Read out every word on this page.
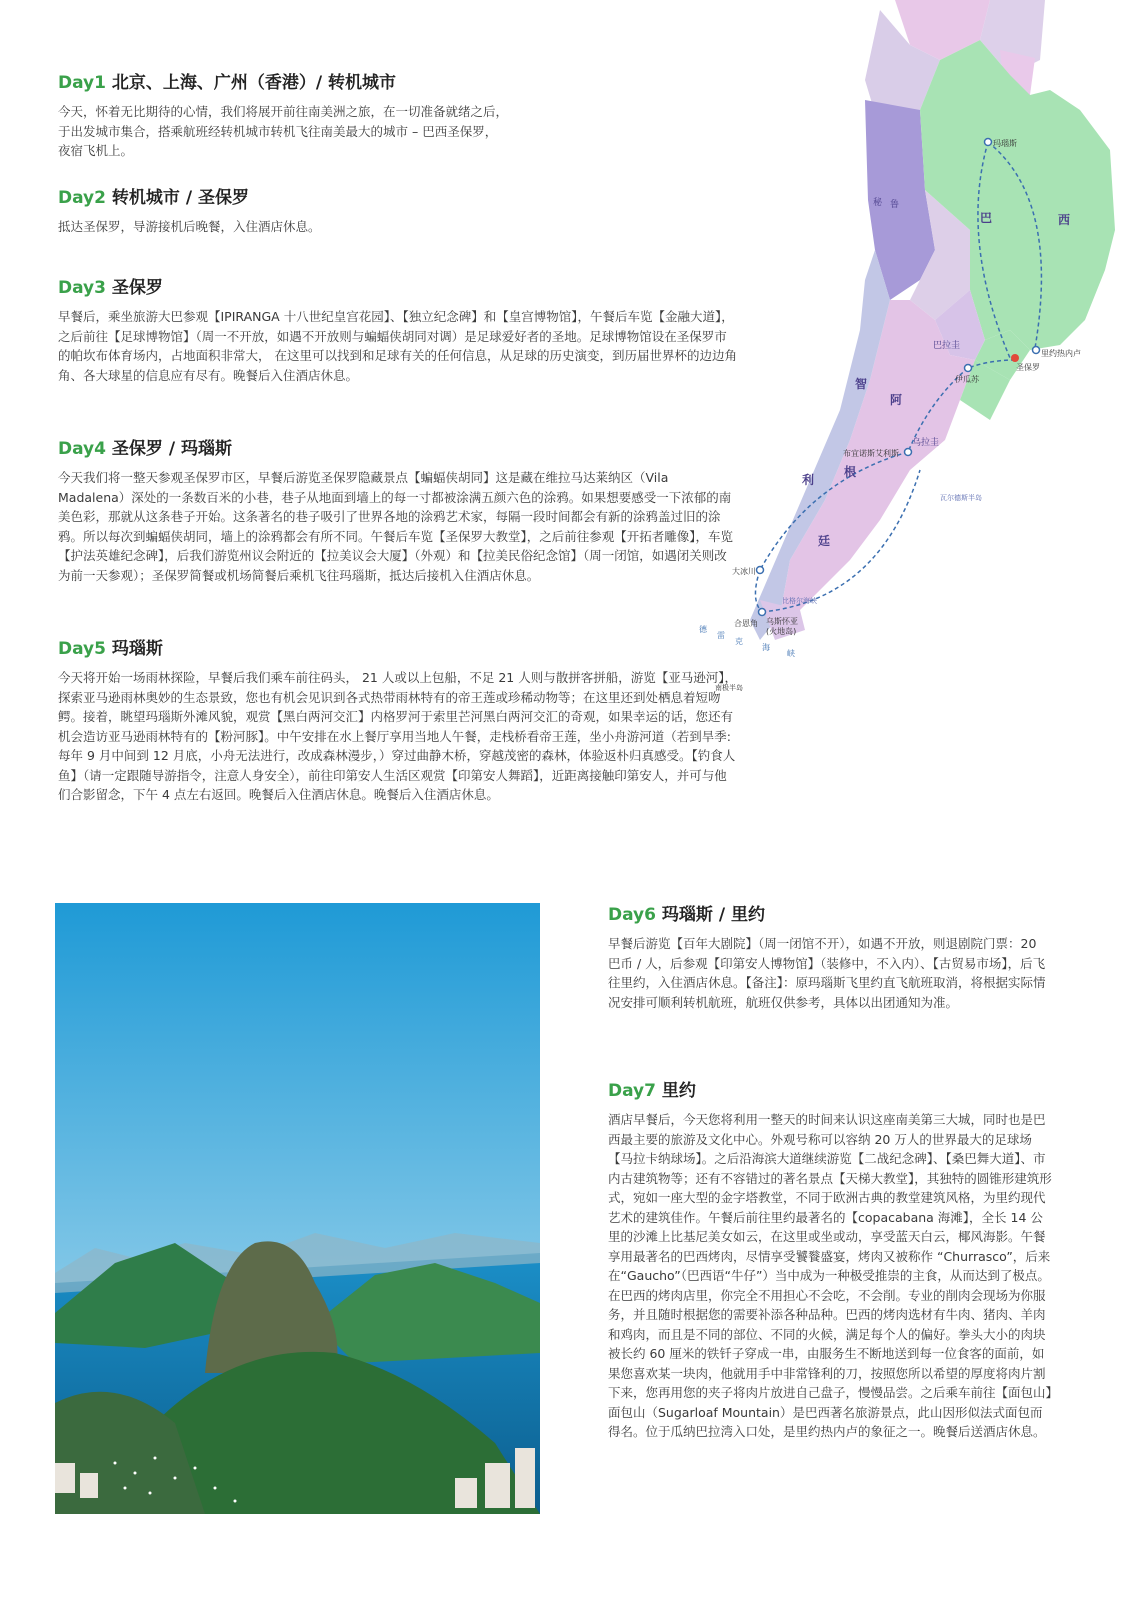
玛瑙斯
里约热内卢
圣保罗
伊瓜苏
布宜诺斯艾利斯
大冰川
乌斯怀亚
(火地岛)
合恩角
南极半岛
比格尔海峡
瓦尔德斯半岛
巴	西
阿
根
廷
智
利
秘 鲁
巴拉圭
乌拉圭
德
雷
克
海
峡
Day1 北京、上海、广州（香港）/ 转机城市

今天，怀着无比期待的心情，我们将展开前往南美洲之旅，在一切准备就绪之后，于出发城市集合，搭乘航班经转机城市转机飞往南美最大的城市 – 巴西圣保罗，夜宿飞机上。

Day2 转机城市 / 圣保罗

抵达圣保罗，导游接机后晚餐，入住酒店休息。

Day3 圣保罗

早餐后，乘坐旅游大巴参观【IPIRANGA 十八世纪皇宫花园】、【独立纪念碑】和【皇宫博物馆】，午餐后车览【金融大道】，之后前往【足球博物馆】（周一不开放，如遇不开放则与蝙蝠侠胡同对调）是足球爱好者的圣地。足球博物馆设在圣保罗市的帕坎布体育场内，占地面积非常大， 在这里可以找到和足球有关的任何信息，从足球的历史演变，到历届世界杯的边边角角、各大球星的信息应有尽有。晚餐后入住酒店休息。

Day4 圣保罗 / 玛瑙斯

今天我们将一整天参观圣保罗市区，早餐后游览圣保罗隐藏景点【蝙蝠侠胡同】这是藏在维拉马达莱纳区（Vila Madalena）深处的一条数百米的小巷，巷子从地面到墙上的每一寸都被涂满五颜六色的涂鸦。如果想要感受一下浓郁的南美色彩，那就从这条巷子开始。这条著名的巷子吸引了世界各地的涂鸦艺术家，每隔一段时间都会有新的涂鸦盖过旧的涂鸦。所以每次到蝙蝠侠胡同，墙上的涂鸦都会有所不同。午餐后车览【圣保罗大教堂】，之后前往参观【开拓者雕像】，车览【护法英雄纪念碑】，后我们游览州议会附近的【拉美议会大厦】（外观）和【拉美民俗纪念馆】（周一闭馆，如遇闭关则改为前一天参观）；圣保罗简餐或机场简餐后乘机飞往玛瑙斯，抵达后接机入住酒店休息。

Day5 玛瑙斯

今天将开始一场雨林探险，早餐后我们乘车前往码头， 21 人或以上包船，不足 21 人则与散拼客拼船，游览【亚马逊河】，探索亚马逊雨林奥妙的生态景致，您也有机会见识到各式热带雨林特有的帝王莲或珍稀动物等；在这里还到处栖息着短吻鳄。接着，眺望玛瑙斯外滩风貌，观赏【黑白两河交汇】内格罗河于索里芒河黑白两河交汇的奇观，如果幸运的话，您还有机会造访亚马逊雨林特有的【粉河豚】。中午安排在水上餐厅享用当地人午餐，走栈桥看帝王莲，坐小舟游河道（若到旱季: 每年 9 月中间到 12 月底，小舟无法进行，改成森林漫步，）穿过曲静木桥，穿越茂密的森林，体验返朴归真感受。【钓食人鱼】（请一定跟随导游指令，注意人身安全），前往印第安人生活区观赏【印第安人舞蹈】，近距离接触印第安人，并可与他们合影留念，下午 4 点左右返回。晚餐后入住酒店休息。晚餐后入住酒店休息。

Day6 玛瑙斯 / 里约

早餐后游览【百年大剧院】（周一闭馆不开），如遇不开放，则退剧院门票：20 巴币 / 人，后参观【印第安人博物馆】（装修中，不入内）、【古贸易市场】，后飞往里约，入住酒店休息。【备注】：原玛瑙斯飞里约直飞航班取消，将根据实际情况安排可顺利转机航班，航班仅供参考，具体以出团通知为准。

Day7 里约

酒店早餐后，今天您将利用一整天的时间来认识这座南美第三大城，同时也是巴西最主要的旅游及文化中心。外观号称可以容纳 20 万人的世界最大的足球场【马拉卡纳球场】。之后沿海滨大道继续游览【二战纪念碑】、【桑巴舞大道】、市内古建筑物等；还有不容错过的著名景点【天梯大教堂】，其独特的圆锥形建筑形式，宛如一座大型的金字塔教堂，不同于欧洲古典的教堂建筑风格，为里约现代艺术的建筑佳作。午餐后前往里约最著名的【copacabana 海滩】，全长 14 公里的沙滩上比基尼美女如云，在这里或坐或动，享受蓝天白云，椰风海影。午餐享用最著名的巴西烤肉，尽情享受饕餮盛宴，烤肉又被称作 “Churrasco”，后来在“Gaucho”（巴西语“牛仔”）当中成为一种极受推崇的主食，从而达到了极点。在巴西的烤肉店里，你完全不用担心不会吃，不会削。专业的削肉会现场为你服务，并且随时根据您的需要补添各种品种。巴西的烤肉选材有牛肉、猪肉、羊肉和鸡肉，而且是不同的部位、不同的火候，满足每个人的偏好。拳头大小的肉块被长约 60 厘米的铁钎子穿成一串，由服务生不断地送到每一位食客的面前，如果您喜欢某一块肉，他就用手中非常锋利的刀，按照您所以希望的厚度将肉片割下来，您再用您的夹子将肉片放进自己盘子，慢慢品尝。之后乘车前往【面包山】面包山（Sugarloaf Mountain）是巴西著名旅游景点，此山因形似法式面包而得名。位于瓜纳巴拉湾入口处，是里约热内卢的象征之一。晚餐后送酒店休息。
